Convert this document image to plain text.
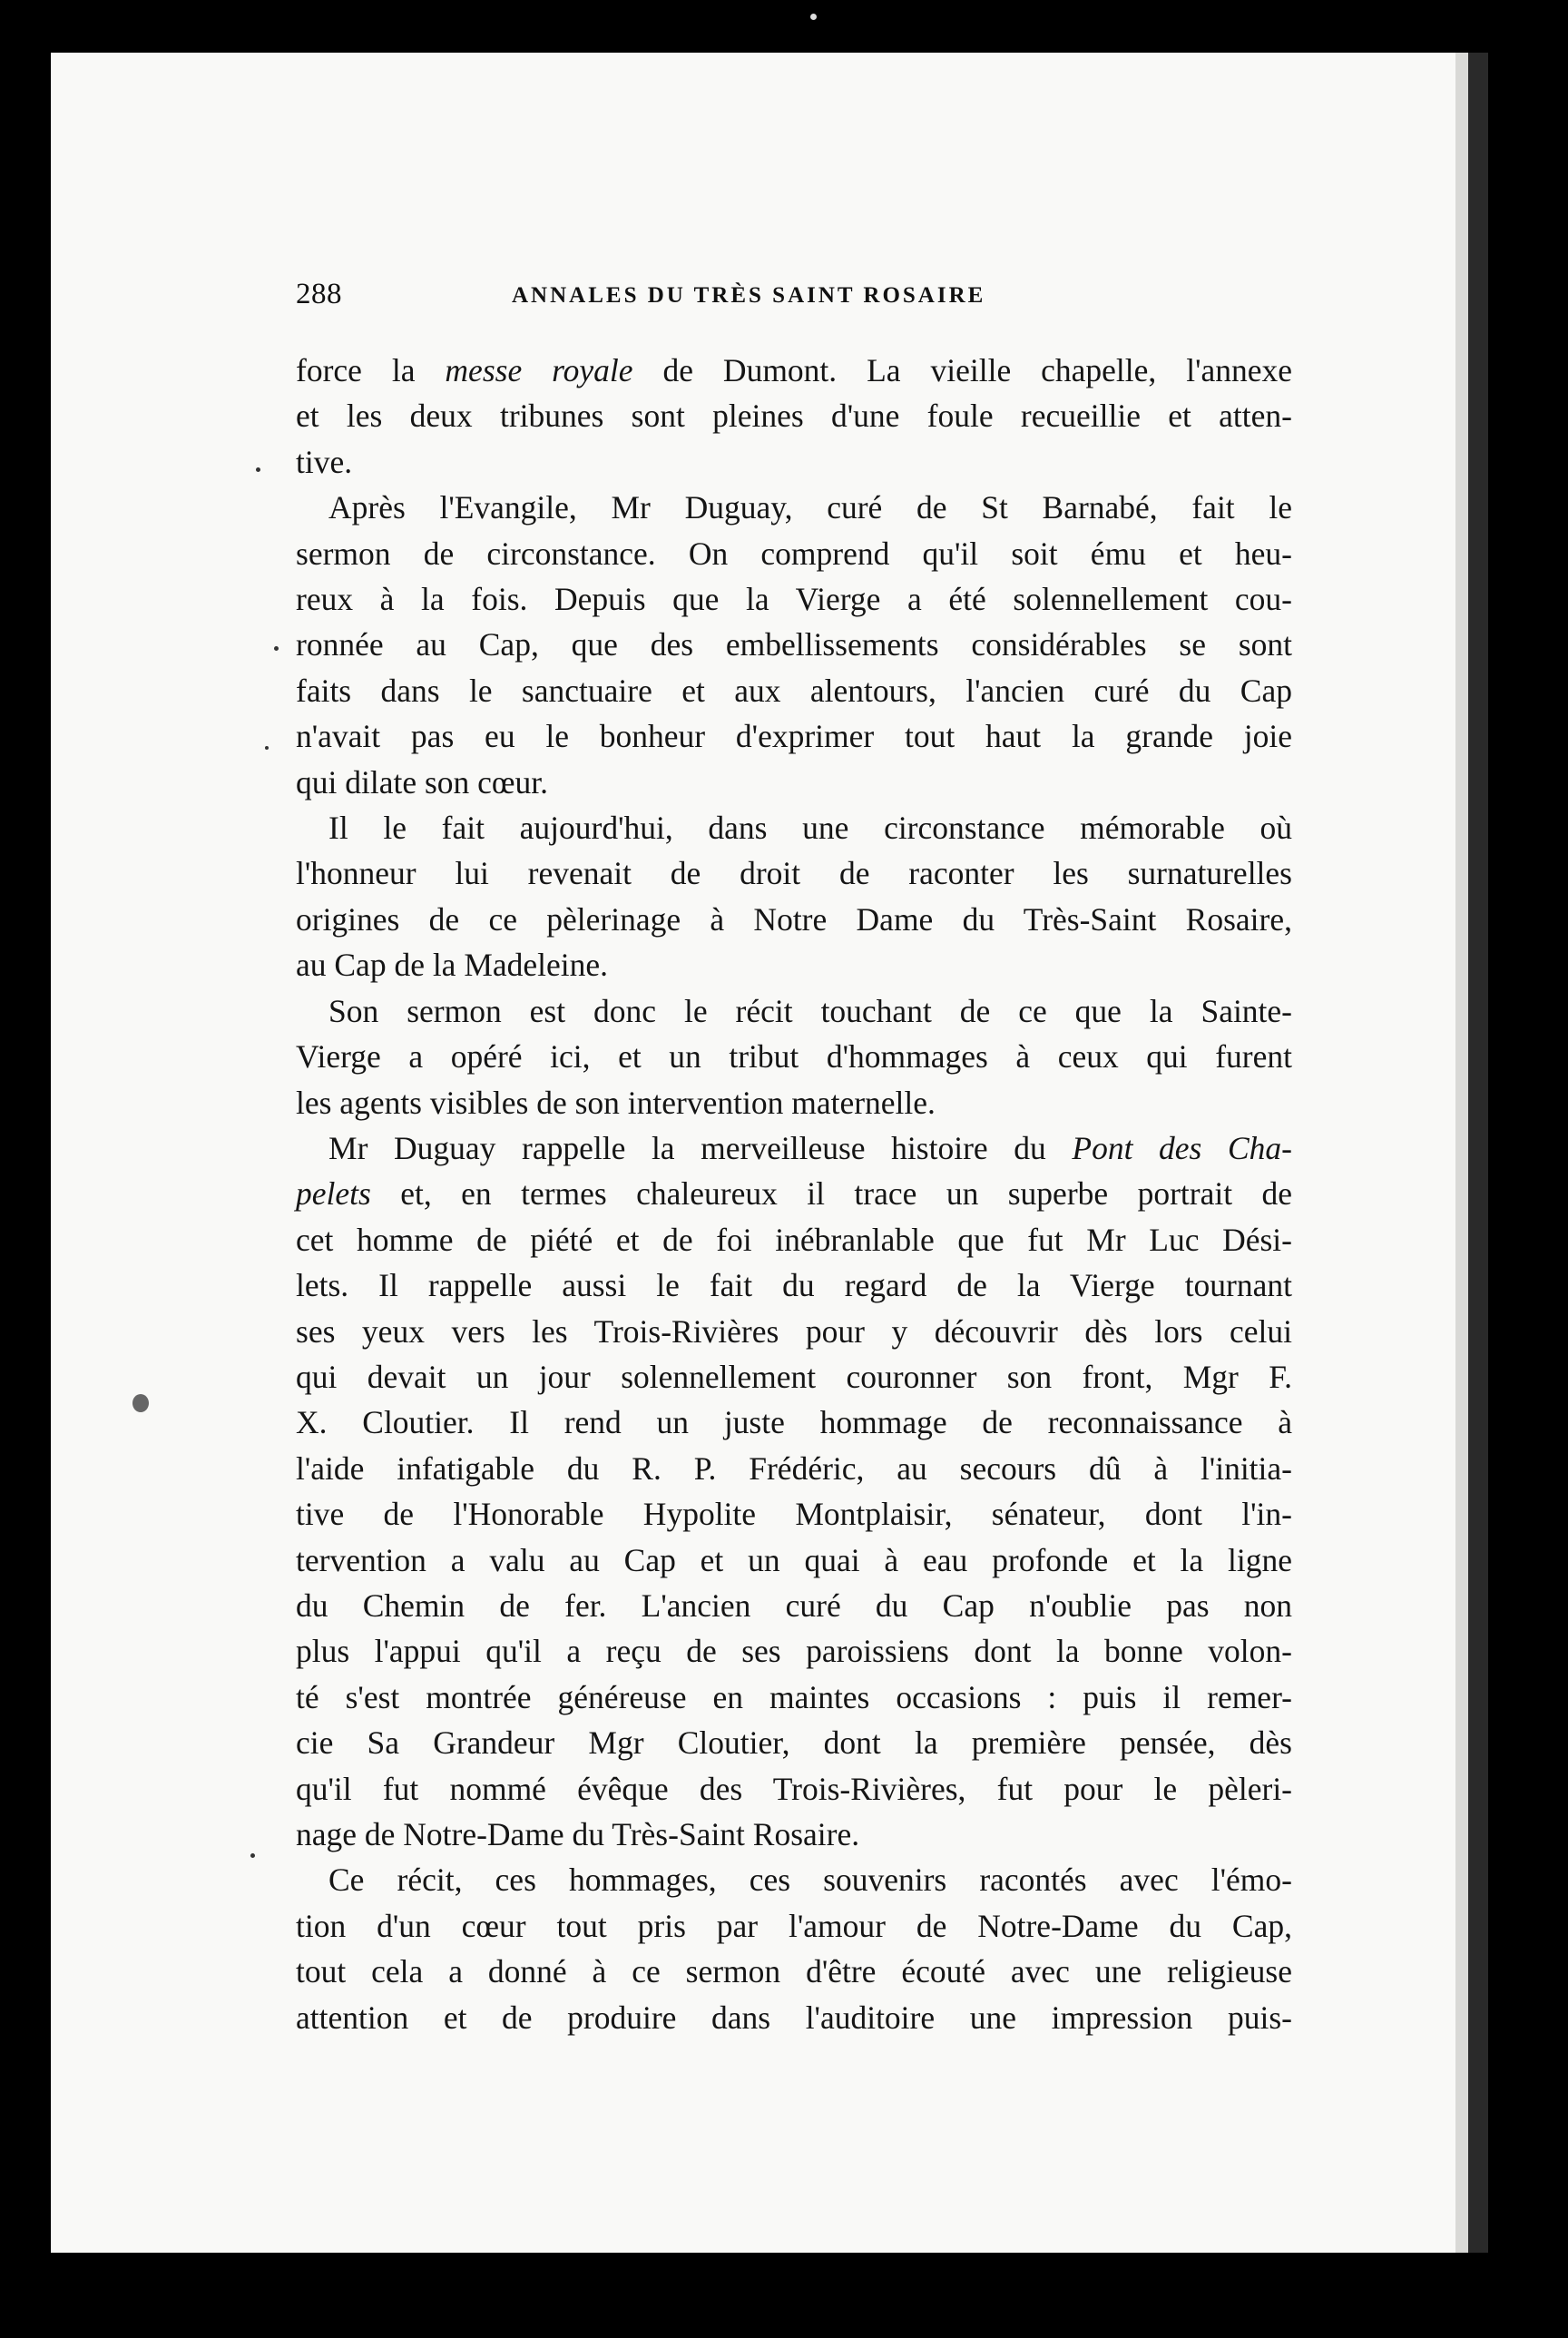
288	ANNALES DU TRÈS SAINT ROSAIRE
force la messe royale de Dumont. La vieille chapelle, l'annexe
et les deux tribunes sont pleines d'une foule recueillie et atten-
tive.
Après l'Evangile, Mr Duguay, curé de St Barnabé, fait le
sermon de circonstance. On comprend qu'il soit ému et heu-
reux à la fois. Depuis que la Vierge a été solennellement cou-
ronnée au Cap, que des embellissements considérables se sont
faits dans le sanctuaire et aux alentours, l'ancien curé du Cap
n'avait pas eu le bonheur d'exprimer tout haut la grande joie
qui dilate son cœur.
Il le fait aujourd'hui, dans une circonstance mémorable où
l'honneur lui revenait de droit de raconter les surnaturelles
origines de ce pèlerinage à Notre Dame du Très-Saint Rosaire,
au Cap de la Madeleine.
Son sermon est donc le récit touchant de ce que la Sainte-
Vierge a opéré ici, et un tribut d'hommages à ceux qui furent
les agents visibles de son intervention maternelle.
Mr Duguay rappelle la merveilleuse histoire du Pont des Cha-
pelets et, en termes chaleureux il trace un superbe portrait de
cet homme de piété et de foi inébranlable que fut Mr Luc Dési-
lets. Il rappelle aussi le fait du regard de la Vierge tournant
ses yeux vers les Trois-Rivières pour y découvrir dès lors celui
qui devait un jour solennellement couronner son front, Mgr F.
X. Cloutier. Il rend un juste hommage de reconnaissance à
l'aide infatigable du R. P. Frédéric, au secours dû à l'initia-
tive de l'Honorable Hypolite Montplaisir, sénateur, dont l'in-
tervention a valu au Cap et un quai à eau profonde et la ligne
du Chemin de fer. L'ancien curé du Cap n'oublie pas non
plus l'appui qu'il a reçu de ses paroissiens dont la bonne volon-
té s'est montrée généreuse en maintes occasions : puis il remer-
cie Sa Grandeur Mgr Cloutier, dont la première pensée, dès
qu'il fut nommé évêque des Trois-Rivières, fut pour le pèleri-
nage de Notre-Dame du Très-Saint Rosaire.
Ce récit, ces hommages, ces souvenirs racontés avec l'émo-
tion d'un cœur tout pris par l'amour de Notre-Dame du Cap,
tout cela a donné à ce sermon d'être écouté avec une religieuse
attention et de produire dans l'auditoire une impression puis-
